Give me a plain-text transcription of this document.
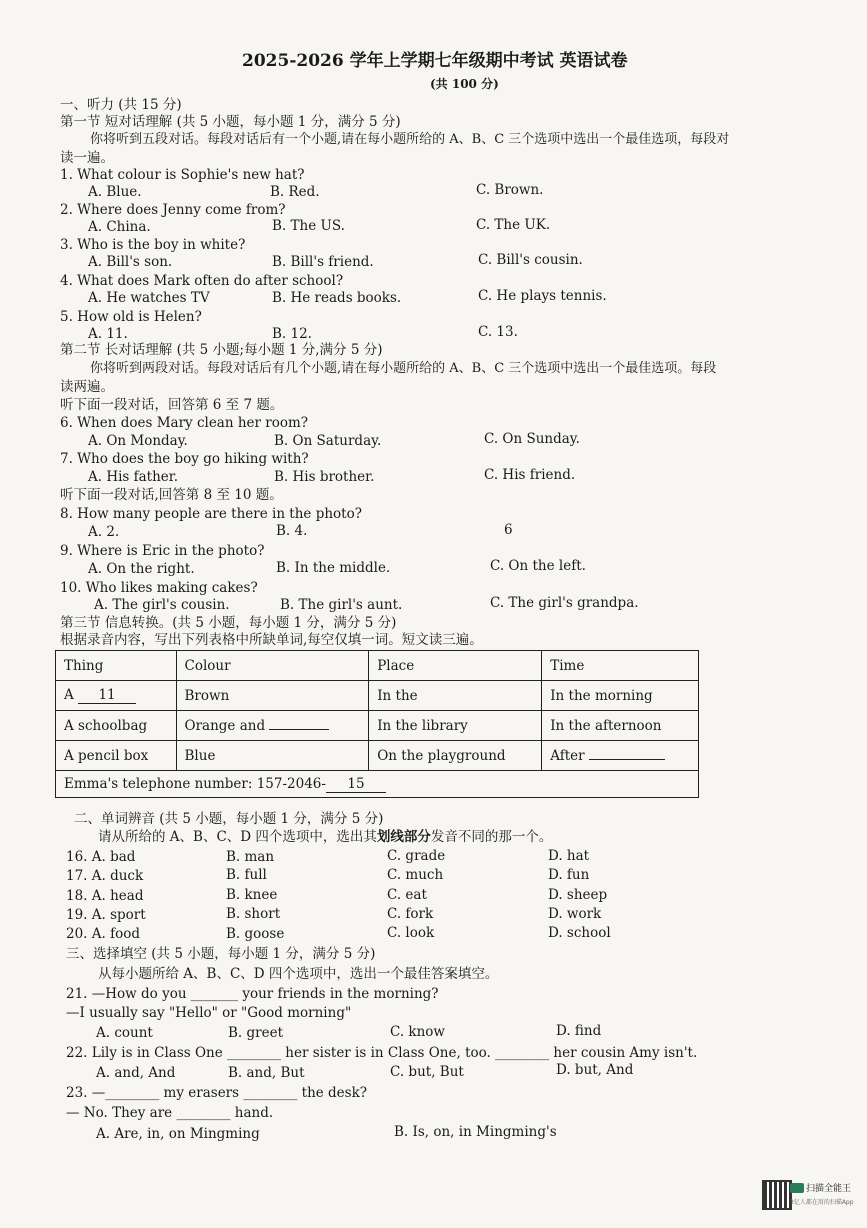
2025-2026 学年上学期七年级期中考试 英语试卷
(共 100 分)
一、听力 (共 15 分)
第一节 短对话理解 (共 5 小题，每小题 1 分，满分 5 分)
你将听到五段对话。每段对话后有一个小题,请在每小题所给的 A、B、C 三个选项中选出一个最佳选项，每段对
读一遍。
1. What colour is Sophie's new hat?
A. Blue.	B. Red.	C. Brown.
2. Where does Jenny come from?
A. China.	B. The US.	C. The UK.
3. Who is the boy in white?
A. Bill's son.	B. Bill's friend.	C. Bill's cousin.
4. What does Mark often do after school?
A. He watches TV	B. He reads books.	C. He plays tennis.
5. How old is Helen?
A. 11.	B. 12.	C. 13.
第二节 长对话理解 (共 5 小题;每小题 1 分,满分 5 分)
你将听到两段对话。每段对话后有几个小题,请在每小题所给的 A、B、C 三个选项中选出一个最佳选项。每段
读两遍。
听下面一段对话，回答第 6 至 7 题。
6. When does Mary clean her room?
A. On Monday.	B. On Saturday.	C. On Sunday.
7. Who does the boy go hiking with?
A. His father.	B. His brother.	C. His friend.
听下面一段对话,回答第 8 至 10 题。
8. How many people are there in the photo?
A. 2.	B. 4.	6
9. Where is Eric in the photo?
A. On the right.	B. In the middle.	C. On the left.
10. Who likes making cakes?
A. The girl's cousin.	B. The girl's aunt.	C. The girl's grandpa.
第三节 信息转换。(共 5 小题，每小题 1 分，满分 5 分)
根据录音内容，写出下列表格中所缺单词,每空仅填一词。短文读三遍。
Thing	Colour	Place	Time
A 11	Brown	In the	In the morning
A schoolbag	Orange and	In the library	In the afternoon
A pencil box	Blue	On the playground	After
Emma's telephone number: 157-2046- 15			
二、单词辨音 (共 5 小题，每小题 1 分，满分 5 分)
请从所给的 A、B、C、D 四个选项中，选出其划线部分发音不同的那一个。
16. A. bad	B. man	C. grade	D. hat
17. A. duck	B. full	C. much	D. fun
18. A. head	B. knee	C. eat	D. sheep
19. A. sport	B. short	C. fork	D. work
20. A. food	B. goose	C. look	D. school
三、选择填空 (共 5 小题，每小题 1 分，满分 5 分)
从每小题所给 A、B、C、D 四个选项中，选出一个最佳答案填空。
21. —How do you _______ your friends in the morning?
—I usually say "Hello" or "Good morning"
A. count	B. greet	C. know	D. find
22. Lily is in Class One ________ her sister is in Class One, too. ________ her cousin Amy isn't.
A. and, And	B. and, But	C. but, But	D. but, And
23. —________ my erasers ________ the desk?
— No. They are ________ hand.
A. Are, in, on Mingming	B. Is, on, in Mingming's
扫描全能王
3亿人都在用的扫描App
